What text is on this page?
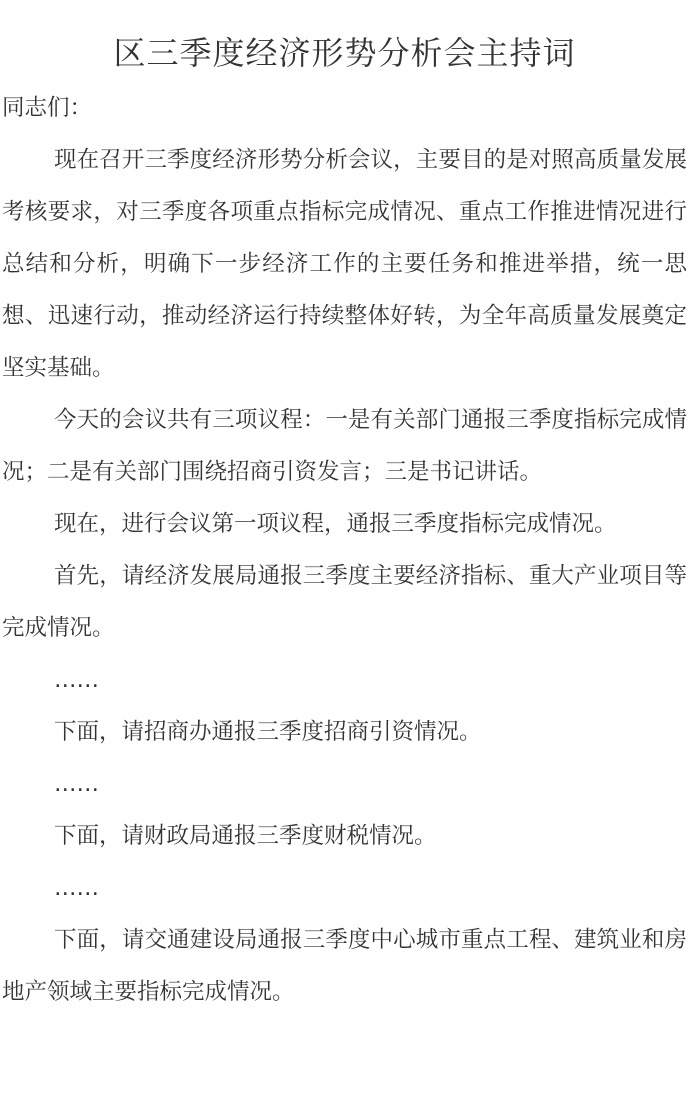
区三季度经济形势分析会主持词

同志们：

现在召开三季度经济形势分析会议，主要目的是对照高质量发展考核要求，对三季度各项重点指标完成情况、重点工作推进情况进行总结和分析，明确下一步经济工作的主要任务和推进举措，统一思想、迅速行动，推动经济运行持续整体好转，为全年高质量发展奠定坚实基础。

今天的会议共有三项议程：一是有关部门通报三季度指标完成情况；二是有关部门围绕招商引资发言；三是书记讲话。

现在，进行会议第一项议程，通报三季度指标完成情况。

首先，请经济发展局通报三季度主要经济指标、重大产业项目等完成情况。

……

下面，请招商办通报三季度招商引资情况。

……

下面，请财政局通报三季度财税情况。

……

下面，请交通建设局通报三季度中心城市重点工程、建筑业和房地产领域主要指标完成情况。
